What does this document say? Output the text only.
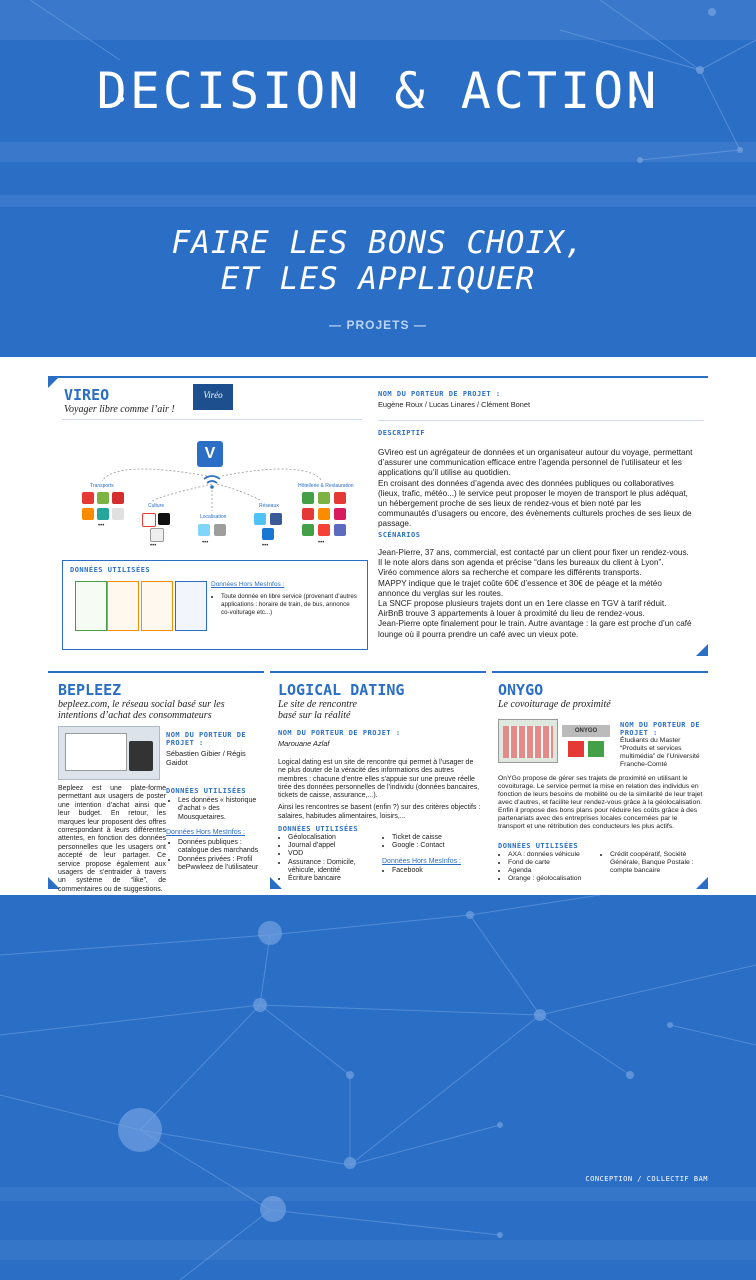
DECISION & ACTION
FAIRE LES BONS CHOIX,
ET LES APPLIQUER
— PROJETS —
VIREO
Voyager libre comme l’air !
Viréo
V
Transports
Culture
Localisation
Réseaux
Hôtellerie & Restauration
•••
•••	•••	•••	•••
DONNÉES UTILISÉES
Données Hors MesInfos :
• Toute donnée en libre service (provenant d’autres applications : horaire de train, de bus, annonce co-voiturage etc...)
NOM DU PORTEUR DE PROJET :
Eugène Roux / Lucas Linares / Clément Bonet
DESCRIPTIF
GVireo est un agrégateur de données et un organisateur autour du voyage, permettant d’assurer une communication efficace entre l’agenda personnel de l’utilisateur et les applications qu’il utilise au quotidien.
En croisant des données d’agenda avec des données publiques ou collaboratives (lieux, trafic, météo...) le service peut proposer le moyen de transport le plus adéquat, un hébergement proche de ses lieux de rendez-vous et bien noté par les communautés d’usagers ou encore, des évènements culturels proches de ses lieux de passage.
SCÉNARIOS
Jean-Pierre, 37 ans, commercial, est contacté par un client pour fixer un rendez-vous.
Il le note alors dans son agenda et précise “dans les bureaux du client à Lyon”.
Viréo commence alors sa recherche et compare les différents transports.
MAPPY indique que le trajet coûte 60€ d’essence et 30€ de péage et la météo annonce du verglas sur les routes.
La SNCF propose plusieurs trajets dont un en 1ere classe en TGV à tarif réduit.
AirBnB trouve 3 appartements à louer à proximité du lieu de rendez-vous.
Jean-Pierre opte finalement pour le train. Autre avantage : la gare est proche d’un café lounge où il pourra prendre un café avec un vieux pote.
BEPLEEZ
bepleez.com, le réseau social basé sur les intentions d’achat des consommateurs
NOM DU PORTEUR DE PROJET :
Sébastien Gibier / Régis Gaidot
Bepleez est une plate-forme permettant aux usagers de poster une intention d’achat ainsi que leur budget. En retour, les marques leur proposent des offres correspondant à leurs différentes attentes, en fonction des données personnelles que les usagers ont accepté de leur partager. Ce service propose également aux usagers de s’entraider à travers un système de “like”, de commentaires ou de suggestions.
DONNÉES UTILISÉES
• Les données « historique d’achat » des Mousquetaires.
Données Hors MesInfos :
• Données publiques : catalogue des marchands
• Données privées : Profil bePwwleez de l’utilisateur
LOGICAL DATING
Le site de rencontre
basé sur la réalité
NOM DU PORTEUR DE PROJET :
Marouane Azlaf
Logical dating est un site de rencontre qui permet à l’usager de ne plus douter de la véracité des informations des autres membres : chacune d’entre elles s’appuie sur une preuve réelle tirée des données personnelles de l’individu (données bancaires, tickets de caisse, assurance,...).
Ainsi les rencontres se basent (enfin ?) sur des critères objectifs : salaires, habitudes alimentaires, loisirs,...
DONNÉES UTILISÉES
• Géolocalisation
• Journal d’appel
• VOD
• Assurance : Domicile, véhicule, identité
• Écriture bancaire
• Ticket de caisse
• Google : Contact
Données Hors MesInfos :
• Facebook
ONYGO
Le covoiturage de proximité
ONYGO
NOM DU PORTEUR DE PROJET :
Étudiants du Master “Produits et services multimédia” de l’Université Franche-Comté
OnYGo propose de gérer ses trajets de proximité en utilisant le covoiturage. Le service permet la mise en relation des individus en fonction de leurs besoins de mobilité ou de la similarité de leur trajet avec d’autres, et facilite leur rendez-vous grâce à la géolocalisation.
Enfin il propose des bons plans pour réduire les coûts grâce à des partenariats avec des entreprises locales concernées par le transport et une rétribution des conducteurs les plus actifs.
DONNÉES UTILISÉES
• AXA : données véhicule
• Fond de carte
• Agenda
• Orange : géolocalisation
• Crédit coopératif, Société Générale, Banque Postale : compte bancaire
CONCEPTION / COLLECTIF BAM
